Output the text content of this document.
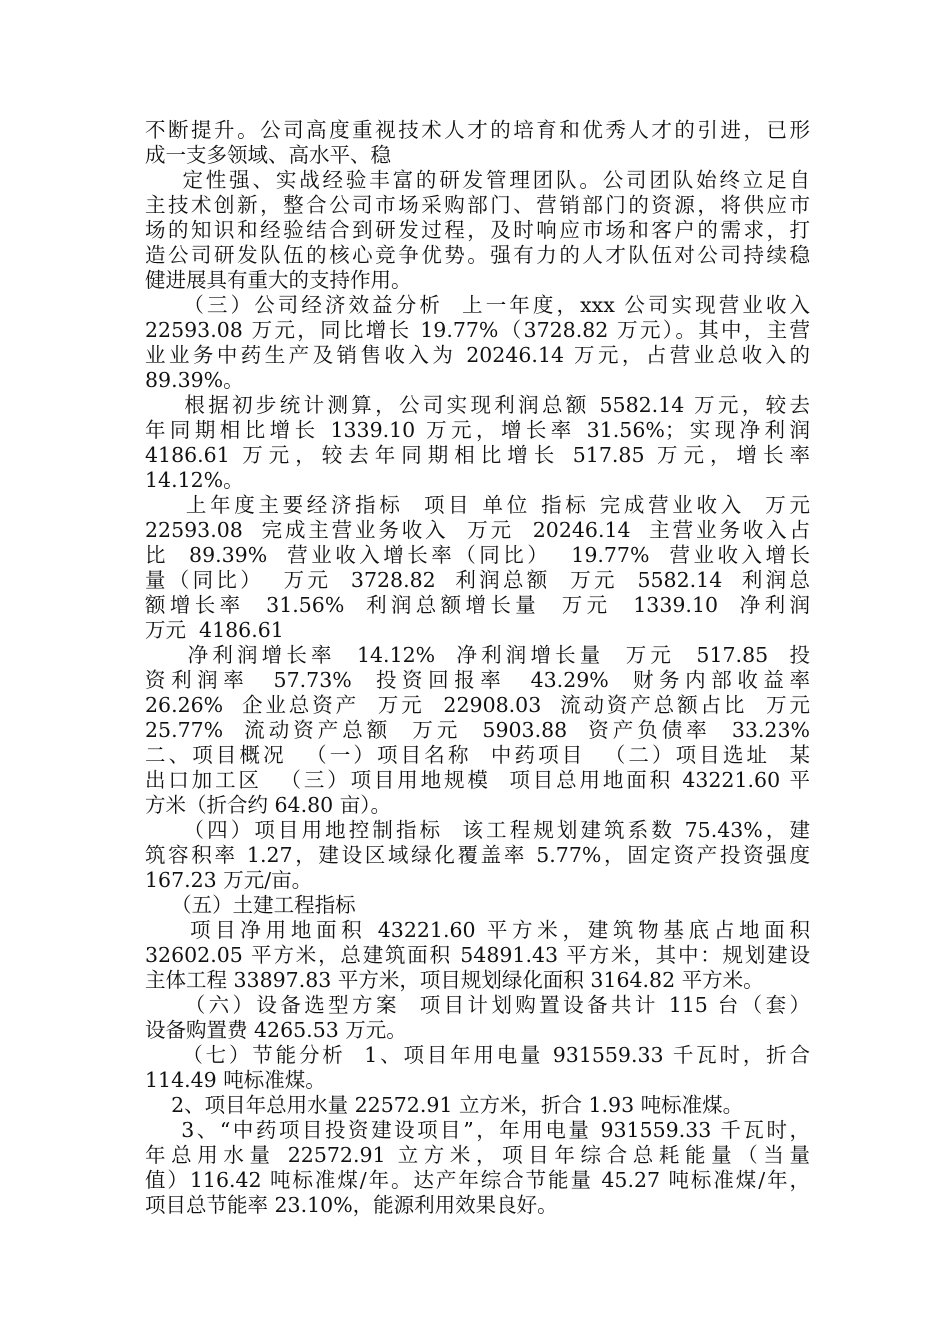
不断提升。公司高度重视技术人才的培育和优秀人才的引进，已形
成一支多领域、高水平、稳
定性强、实战经验丰富的研发管理团队。公司团队始终立足自
主技术创新，整合公司市场采购部门、营销部门的资源，将供应市
场的知识和经验结合到研发过程，及时响应市场和客户的需求，打
造公司研发队伍的核心竞争优势。强有力的人才队伍对公司持续稳
健进展具有重大的支持作用。
（三）公司经济效益分析  上一年度，xxx 公司实现营业收入
22593.08 万元，同比增长 19.77%（3728.82 万元）。其中，主营
业业务中药生产及销售收入为 20246.14 万元，占营业总收入的
89.39%。
根据初步统计测算，公司实现利润总额 5582.14 万元，较去
年同期相比增长 1339.10 万元，增长率 31.56%；实现净利润
4186.61 万元，较去年同期相比增长 517.85 万元，增长率
14.12%。
上年度主要经济指标  项目 单位 指标 完成营业收入  万元
22593.08  完成主营业务收入  万元  20246.14  主营业务收入占
比  89.39%  营业收入增长率（同比）  19.77%  营业收入增长
量（同比）  万元  3728.82  利润总额  万元  5582.14  利润总
额增长率  31.56%  利润总额增长量  万元  1339.10  净利润
万元  4186.61
净利润增长率  14.12%  净利润增长量  万元  517.85  投
资利润率  57.73%  投资回报率  43.29%  财务内部收益率
26.26%  企业总资产  万元  22908.03  流动资产总额占比  万元
25.77%  流动资产总额  万元  5903.88  资产负债率  33.23%
二、项目概况  （一）项目名称  中药项目  （二）项目选址  某
出口加工区  （三）项目用地规模  项目总用地面积 43221.60 平
方米（折合约 64.80 亩）。
（四）项目用地控制指标  该工程规划建筑系数 75.43%，建
筑容积率 1.27，建设区域绿化覆盖率 5.77%，固定资产投资强度
167.23 万元/亩。
（五）土建工程指标
项目净用地面积 43221.60 平方米，建筑物基底占地面积
32602.05 平方米，总建筑面积 54891.43 平方米，其中：规划建设
主体工程 33897.83 平方米，项目规划绿化面积 3164.82 平方米。
（六）设备选型方案  项目计划购置设备共计 115 台（套）
设备购置费 4265.53 万元。
（七）节能分析  1、项目年用电量 931559.33 千瓦时，折合
114.49 吨标准煤。
2、项目年总用水量 22572.91 立方米，折合 1.93 吨标准煤。
3、“中药项目投资建设项目”，年用电量 931559.33 千瓦时，
年总用水量 22572.91 立方米，项目年综合总耗能量（当量
值）116.42 吨标准煤/年。达产年综合节能量 45.27 吨标准煤/年，
项目总节能率 23.10%，能源利用效果良好。
